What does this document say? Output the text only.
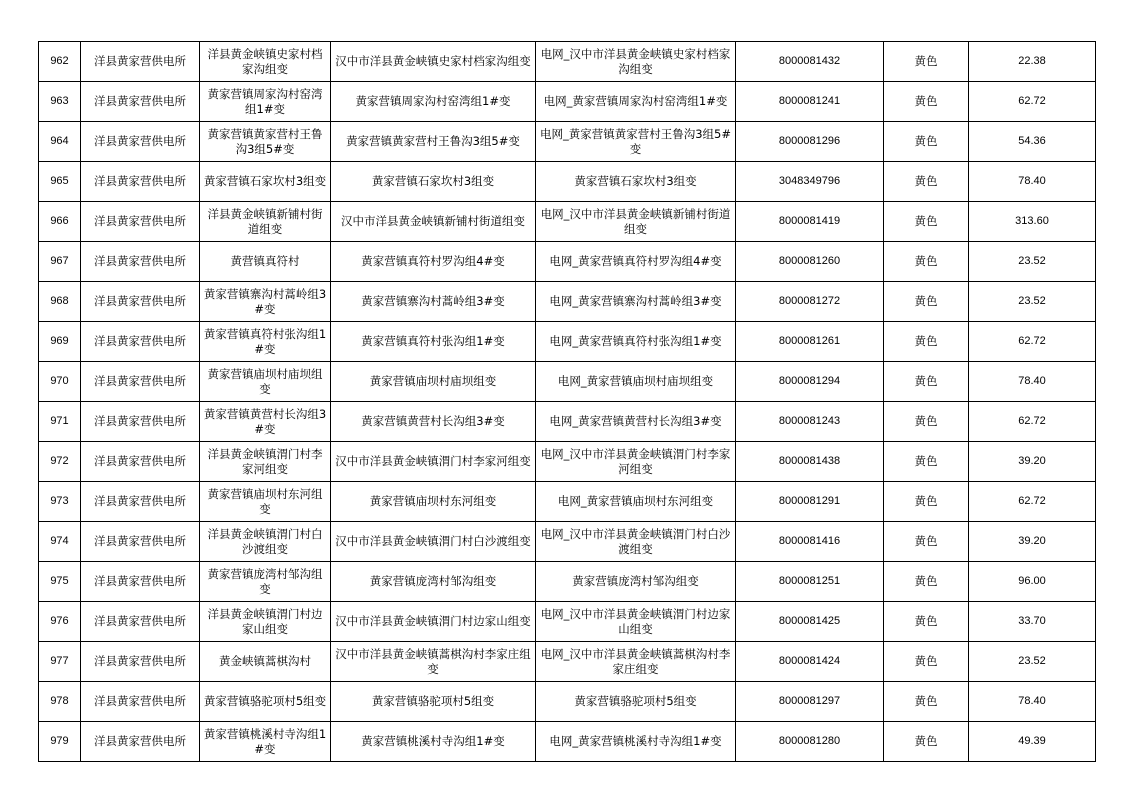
962	洋县黄家营供电所	洋县黄金峡镇史家村档家沟组变	汉中市洋县黄金峡镇史家村档家沟组变	电网_汉中市洋县黄金峡镇史家村档家沟组变	8000081432	黄色	22.38
963	洋县黄家营供电所	黄家营镇周家沟村窑湾组1#变	黄家营镇周家沟村窑湾组1#变	电网_黄家营镇周家沟村窑湾组1#变	8000081241	黄色	62.72
964	洋县黄家营供电所	黄家营镇黄家营村王鲁沟3组5#变	黄家营镇黄家营村王鲁沟3组5#变	电网_黄家营镇黄家营村王鲁沟3组5#变	8000081296	黄色	54.36
965	洋县黄家营供电所	黄家营镇石家坎村3组变	黄家营镇石家坎村3组变	黄家营镇石家坎村3组变	3048349796	黄色	78.40
966	洋县黄家营供电所	洋县黄金峡镇新铺村街道组变	汉中市洋县黄金峡镇新铺村街道组变	电网_汉中市洋县黄金峡镇新铺村街道组变	8000081419	黄色	313.60
967	洋县黄家营供电所	黄营镇真符村	黄家营镇真符村罗沟组4#变	电网_黄家营镇真符村罗沟组4#变	8000081260	黄色	23.52
968	洋县黄家营供电所	黄家营镇寨沟村蒿岭组3#变	黄家营镇寨沟村蒿岭组3#变	电网_黄家营镇寨沟村蒿岭组3#变	8000081272	黄色	23.52
969	洋县黄家营供电所	黄家营镇真符村张沟组1#变	黄家营镇真符村张沟组1#变	电网_黄家营镇真符村张沟组1#变	8000081261	黄色	62.72
970	洋县黄家营供电所	黄家营镇庙坝村庙坝组变	黄家营镇庙坝村庙坝组变	电网_黄家营镇庙坝村庙坝组变	8000081294	黄色	78.40
971	洋县黄家营供电所	黄家营镇黄营村长沟组3#变	黄家营镇黄营村长沟组3#变	电网_黄家营镇黄营村长沟组3#变	8000081243	黄色	62.72
972	洋县黄家营供电所	洋县黄金峡镇渭门村李家河组变	汉中市洋县黄金峡镇渭门村李家河组变	电网_汉中市洋县黄金峡镇渭门村李家河组变	8000081438	黄色	39.20
973	洋县黄家营供电所	黄家营镇庙坝村东河组变	黄家营镇庙坝村东河组变	电网_黄家营镇庙坝村东河组变	8000081291	黄色	62.72
974	洋县黄家营供电所	洋县黄金峡镇渭门村白沙渡组变	汉中市洋县黄金峡镇渭门村白沙渡组变	电网_汉中市洋县黄金峡镇渭门村白沙渡组变	8000081416	黄色	39.20
975	洋县黄家营供电所	黄家营镇庞湾村邹沟组变	黄家营镇庞湾村邹沟组变	黄家营镇庞湾村邹沟组变	8000081251	黄色	96.00
976	洋县黄家营供电所	洋县黄金峡镇渭门村边家山组变	汉中市洋县黄金峡镇渭门村边家山组变	电网_汉中市洋县黄金峡镇渭门村边家山组变	8000081425	黄色	33.70
977	洋县黄家营供电所	黄金峡镇蒿棋沟村	汉中市洋县黄金峡镇蒿棋沟村李家庄组变	电网_汉中市洋县黄金峡镇蒿棋沟村李家庄组变	8000081424	黄色	23.52
978	洋县黄家营供电所	黄家营镇骆驼项村5组变	黄家营镇骆驼项村5组变	黄家营镇骆驼项村5组变	8000081297	黄色	78.40
979	洋县黄家营供电所	黄家营镇桃溪村寺沟组1#变	黄家营镇桃溪村寺沟组1#变	电网_黄家营镇桃溪村寺沟组1#变	8000081280	黄色	49.39
